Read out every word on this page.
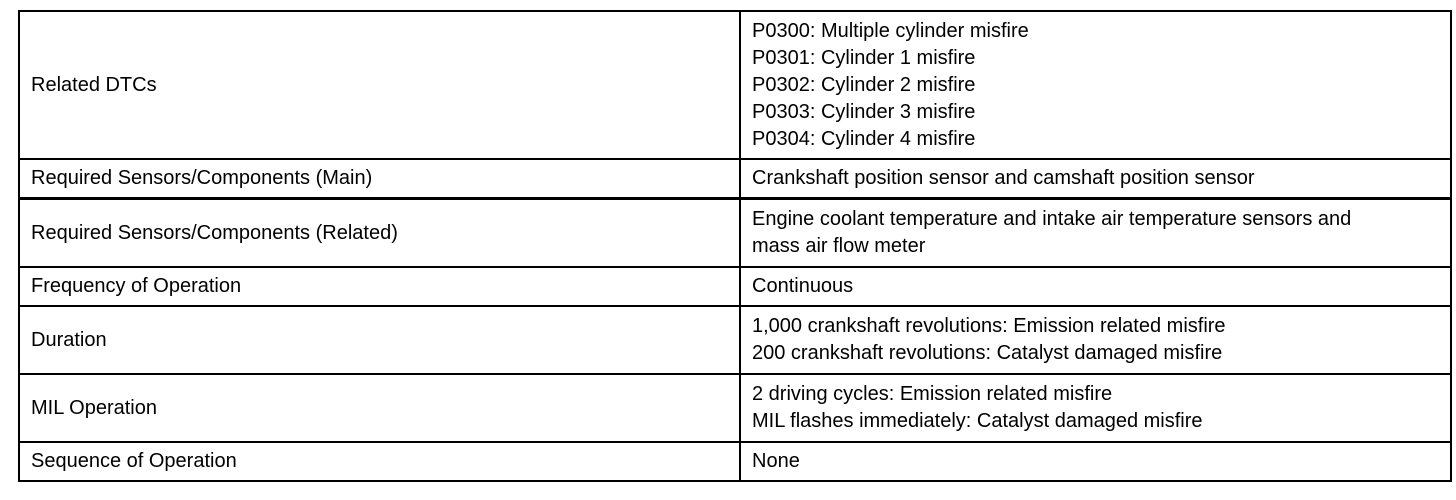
Related DTCs	P0300: Multiple cylinder misfire
P0301: Cylinder 1 misfire
P0302: Cylinder 2 misfire
P0303: Cylinder 3 misfire
P0304: Cylinder 4 misfire

Required Sensors/Components (Main)	Crankshaft position sensor and camshaft position sensor

Required Sensors/Components (Related)	Engine coolant temperature and intake air temperature sensors and
mass air flow meter

Frequency of Operation	Continuous

Duration	1,000 crankshaft revolutions: Emission related misfire
200 crankshaft revolutions: Catalyst damaged misfire

MIL Operation	2 driving cycles: Emission related misfire
MIL flashes immediately: Catalyst damaged misfire

Sequence of Operation	None
